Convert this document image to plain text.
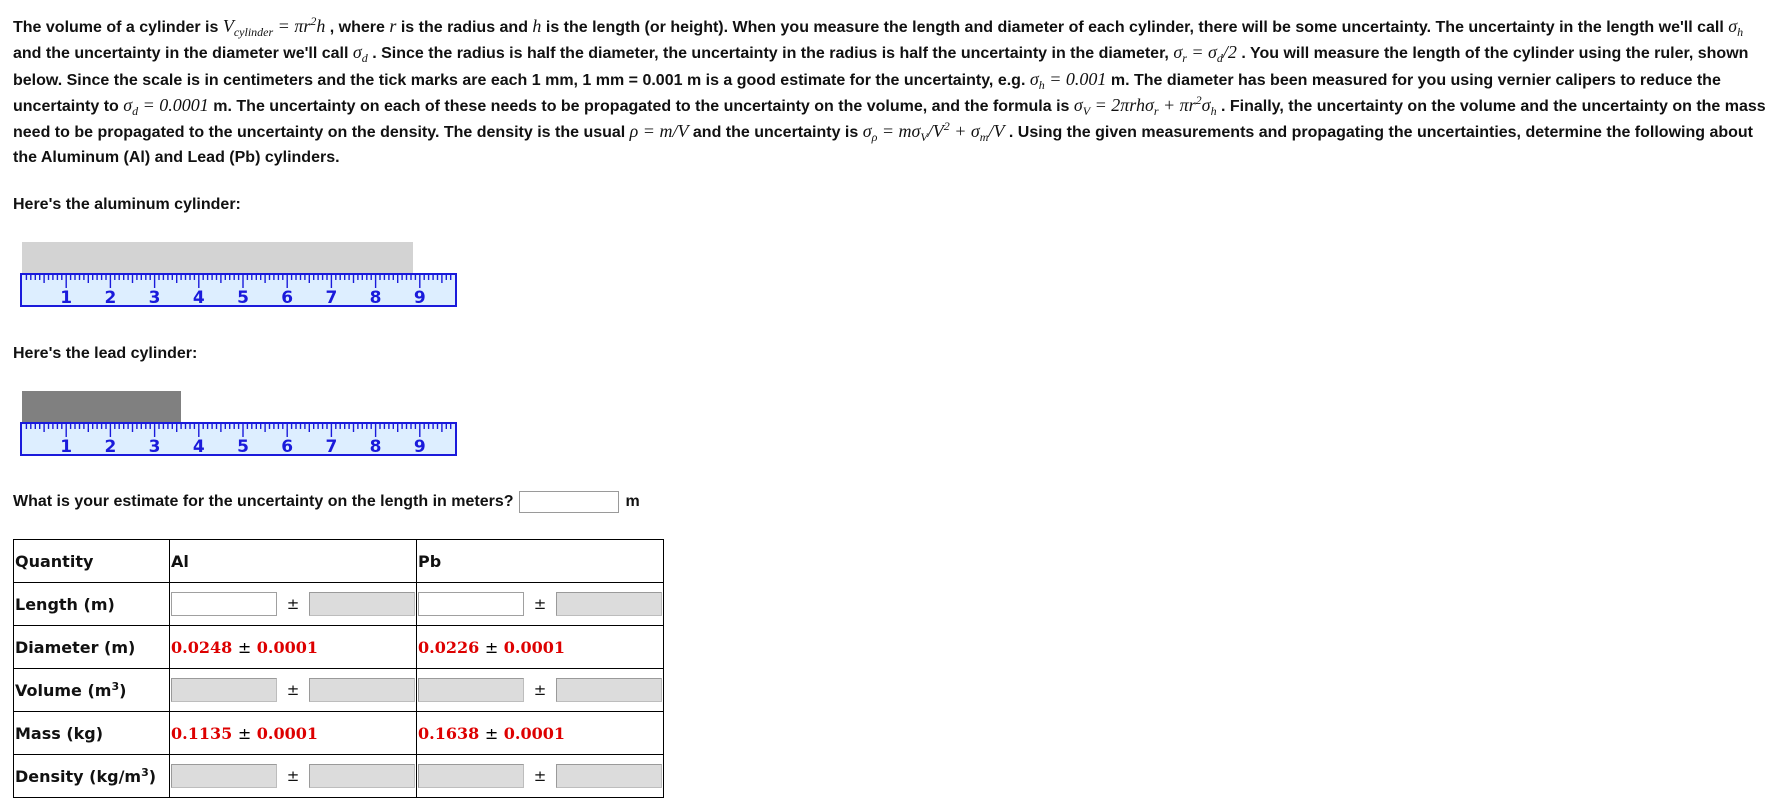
The volume of a cylinder is $V_{cylinder} = \pi r^2h$ , where r is the radius and h is the length (or height). When you measure the length and diameter of each cylinder, there will be some uncertainty. The uncertainty in the length we'll call $\sigma_h$ and the uncertainty in the diameter we'll call $\sigma_d$ . Since the radius is half the diameter, the uncertainty in the radius is half the uncertainty in the diameter, $\sigma_r = \sigma_d/2$ . You will measure the length of the cylinder using the ruler, shown below. Since the scale is in centimeters and the tick marks are each 1 mm, 1 mm = 0.001 m is a good estimate for the uncertainty, e.g. $\sigma_h = 0.001$ m. The diameter has been measured for you using vernier calipers to reduce the uncertainty to $\sigma_d = 0.0001$ m. The uncertainty on each of these needs to be propagated to the uncertainty on the volume, and the formula is $\sigma_V = 2\pi rh\sigma_r + \pi r^2\sigma_h$ . Finally, the uncertainty on the volume and the uncertainty on the mass need to be propagated to the uncertainty on the density. The density is the usual ρ = m/V and the uncertainty is $\sigma_\rho = m\sigma_V/V^2 + \sigma_m/V$ . Using the given measurements and propagating the uncertainties, determine the following about the Aluminum (Al) and Lead (Pb) cylinders.

Here's the aluminum cylinder:

1 2 3 4 5 6 7 8 9

Here's the lead cylinder:

1 2 3 4 5 6 7 8 9
What is your estimate for the uncertainty on the length in meters?	m
Quantity	Al	Pb
Length (m)	±	±

Diameter (m)	0.0248 ± 0.0001	0.0226 ± 0.0001
Volume $(m^3)$	±	±

Mass (kg)	0.1135 ± 0.0001	0.1638 ± 0.0001
Density $(kg/m^3)$	±	±
